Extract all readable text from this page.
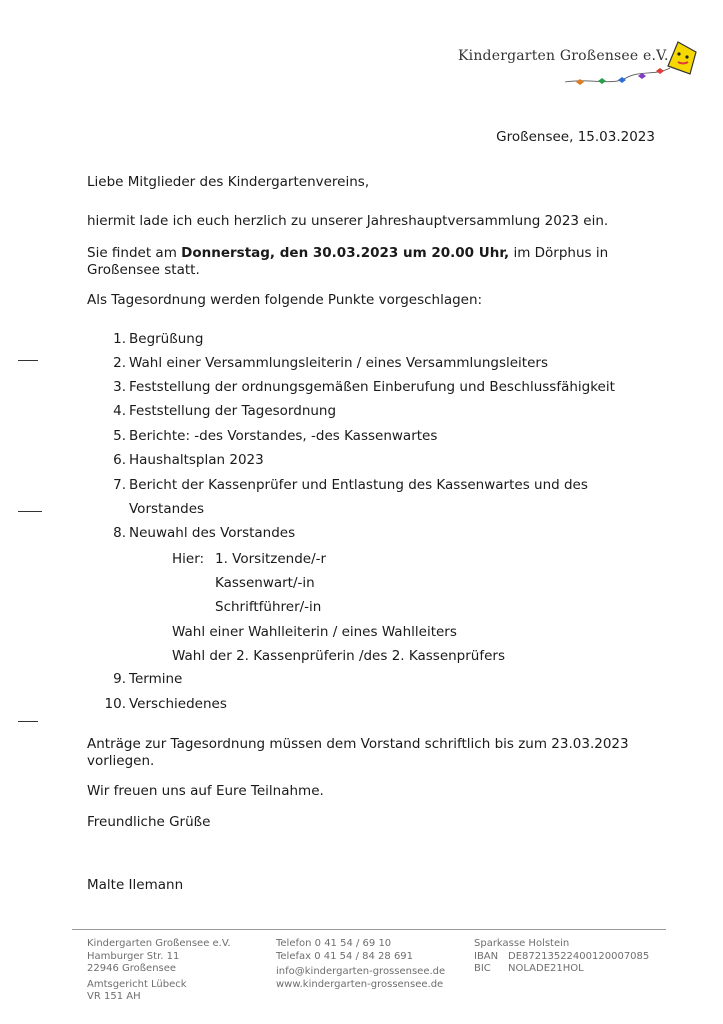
Kindergarten Großensee e.V.
Großensee, 15.03.2023
Liebe Mitglieder des Kindergartenvereins,
hiermit lade ich euch herzlich zu unserer Jahreshauptversammlung 2023 ein.
Sie findet am Donnerstag, den 30.03.2023 um 20.00 Uhr, im Dörphus in
Großensee statt.
Als Tagesordnung werden folgende Punkte vorgeschlagen:
1. Begrüßung
2. Wahl einer Versammlungsleiterin / eines Versammlungsleiters
3. Feststellung der ordnungsgemäßen Einberufung und Beschlussfähigkeit
4. Feststellung der Tagesordnung
5. Berichte: -des Vorstandes, -des Kassenwartes
6. Haushaltsplan 2023
7. Bericht der Kassenprüfer und Entlastung des Kassenwartes und des
Vorstandes
8. Neuwahl des Vorstandes
Hier: 1. Vorsitzende/-r
Kassenwart/-in
Schriftführer/-in
Wahl einer Wahlleiterin / eines Wahlleiters
Wahl der 2. Kassenprüferin /des 2. Kassenprüfers
9. Termine
10. Verschiedenes
Anträge zur Tagesordnung müssen dem Vorstand schriftlich bis zum 23.03.2023
vorliegen.
Wir freuen uns auf Eure Teilnahme.
Freundliche Grüße
Malte Ilemann
Kindergarten Großensee e.V.
Hamburger Str. 11
22946 Großensee
Amtsgericht Lübeck
VR 151 AH
Telefon 0 41 54 / 69 10
Telefax 0 41 54 / 84 28 691
info@kindergarten-grossensee.de
www.kindergarten-grossensee.de
Sparkasse Holstein
IBAN DE87213522400120007085
BIC NOLADE21HOL
